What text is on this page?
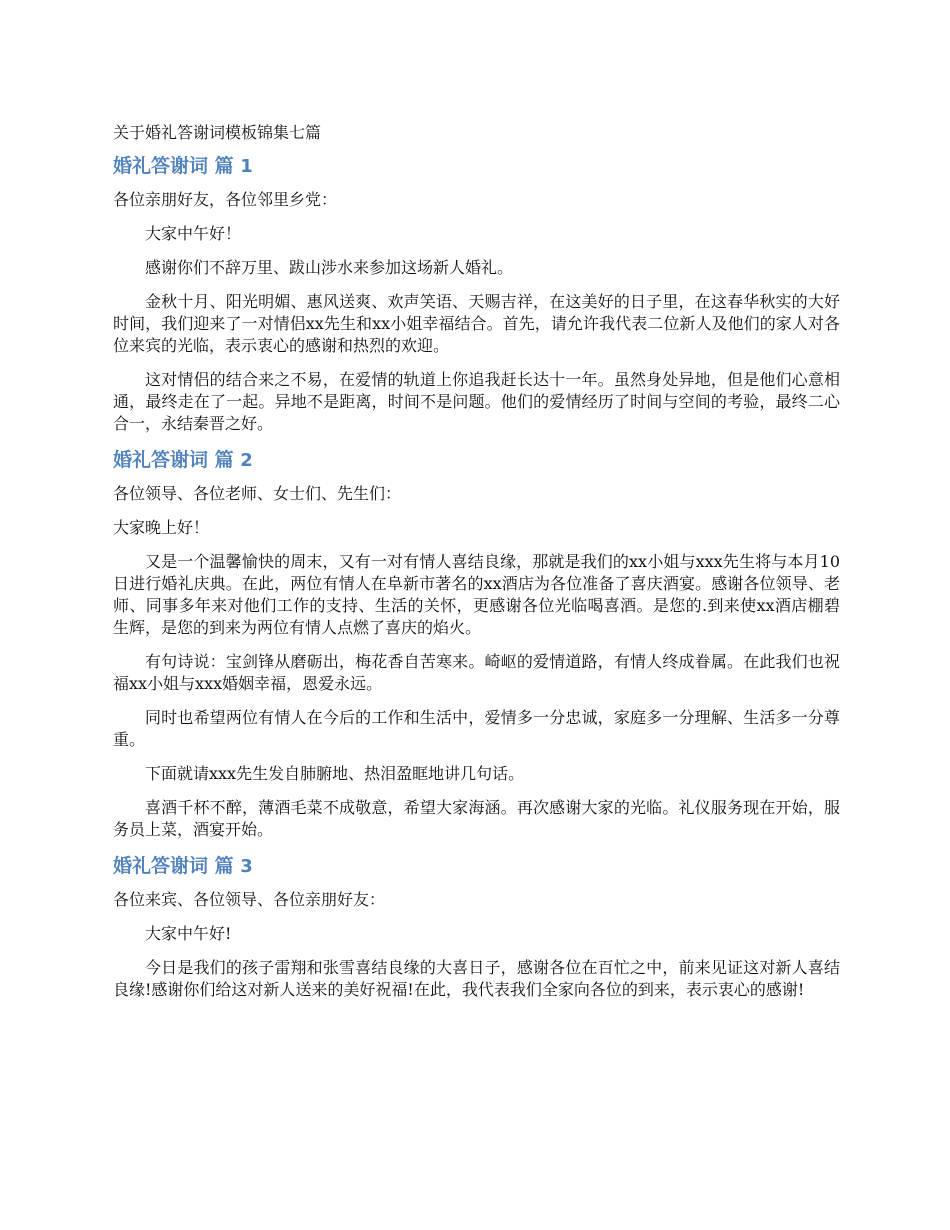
关于婚礼答谢词模板锦集七篇
婚礼答谢词 篇 1

各位亲朋好友，各位邻里乡党：

大家中午好！

感谢你们不辞万里、跋山涉水来参加这场新人婚礼。

金秋十月、阳光明媚、惠风送爽、欢声笑语、天赐吉祥，在这美好的日子里，在这春华秋实的大好时间，我们迎来了一对情侣xx先生和xx小姐幸福结合。首先，请允许我代表二位新人及他们的家人对各位来宾的光临，表示衷心的感谢和热烈的欢迎。

这对情侣的结合来之不易，在爱情的轨道上你追我赶长达十一年。虽然身处异地，但是他们心意相通，最终走在了一起。异地不是距离，时间不是问题。他们的爱情经历了时间与空间的考验，最终二心合一，永结秦晋之好。

婚礼答谢词 篇 2

各位领导、各位老师、女士们、先生们：

大家晚上好！

又是一个温馨愉快的周末，又有一对有情人喜结良缘，那就是我们的xx小姐与xxx先生将与本月10日进行婚礼庆典。在此，两位有情人在阜新市著名的xx酒店为各位准备了喜庆酒宴。感谢各位领导、老师、同事多年来对他们工作的支持、生活的关怀，更感谢各位光临喝喜酒。是您的.到来使xx酒店棚碧生辉，是您的到来为两位有情人点燃了喜庆的焰火。

有句诗说：宝剑锋从磨砺出，梅花香自苦寒来。崎岖的爱情道路，有情人终成眷属。在此我们也祝福xx小姐与xxx婚姻幸福，恩爱永远。

同时也希望两位有情人在今后的工作和生活中，爱情多一分忠诚，家庭多一分理解、生活多一分尊重。

下面就请xxx先生发自肺腑地、热泪盈眶地讲几句话。

喜酒千杯不醉，薄酒毛菜不成敬意，希望大家海涵。再次感谢大家的光临。礼仪服务现在开始，服务员上菜，酒宴开始。

婚礼答谢词 篇 3

各位来宾、各位领导、各位亲朋好友：

大家中午好!

今日是我们的孩子雷翔和张雪喜结良缘的大喜日子，感谢各位在百忙之中，前来见证这对新人喜结良缘!感谢你们给这对新人送来的美好祝福!在此，我代表我们全家向各位的到来，表示衷心的感谢!
